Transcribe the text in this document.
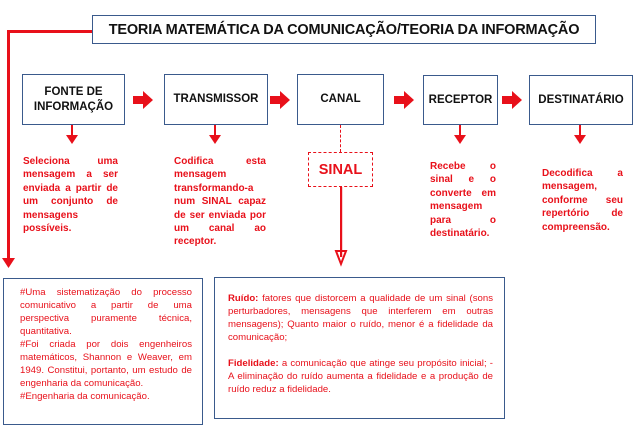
TEORIA MATEMÁTICA DA COMUNICAÇÃO/TEORIA DA INFORMAÇÃO
FONTE DE INFORMAÇÃO
TRANSMISSOR	CANAL	RECEPTOR	DESTINATÁRIO
SINAL
Seleciona uma mensagem a ser enviada a partir de um conjunto de mensagens possíveis.
Codifica esta mensagem transformando-a num SINAL capaz de ser enviada por um canal ao receptor.
Recebe o sinal e o converte em mensagem para o destinatário.
Decodifica a mensagem, conforme seu repertório de compreensão.

#Uma sistematização do processo comunicativo a partir de uma perspectiva puramente técnica, quantitativa.

#Foi criada por dois engenheiros matemáticos, Shannon e Weaver, em 1949. Constitui, portanto, um estudo de engenharia da comunicação.

#Engenharia da comunicação.

Ruído: fatores que distorcem a qualidade de um sinal (sons perturbadores, mensagens que interferem em outras mensagens); Quanto maior o ruído, menor é a fidelidade da comunicação;

Fidelidade: a comunicação que atinge seu propósito inicial; - A eliminação do ruído aumenta a fidelidade e a produção de ruído reduz a fidelidade.
